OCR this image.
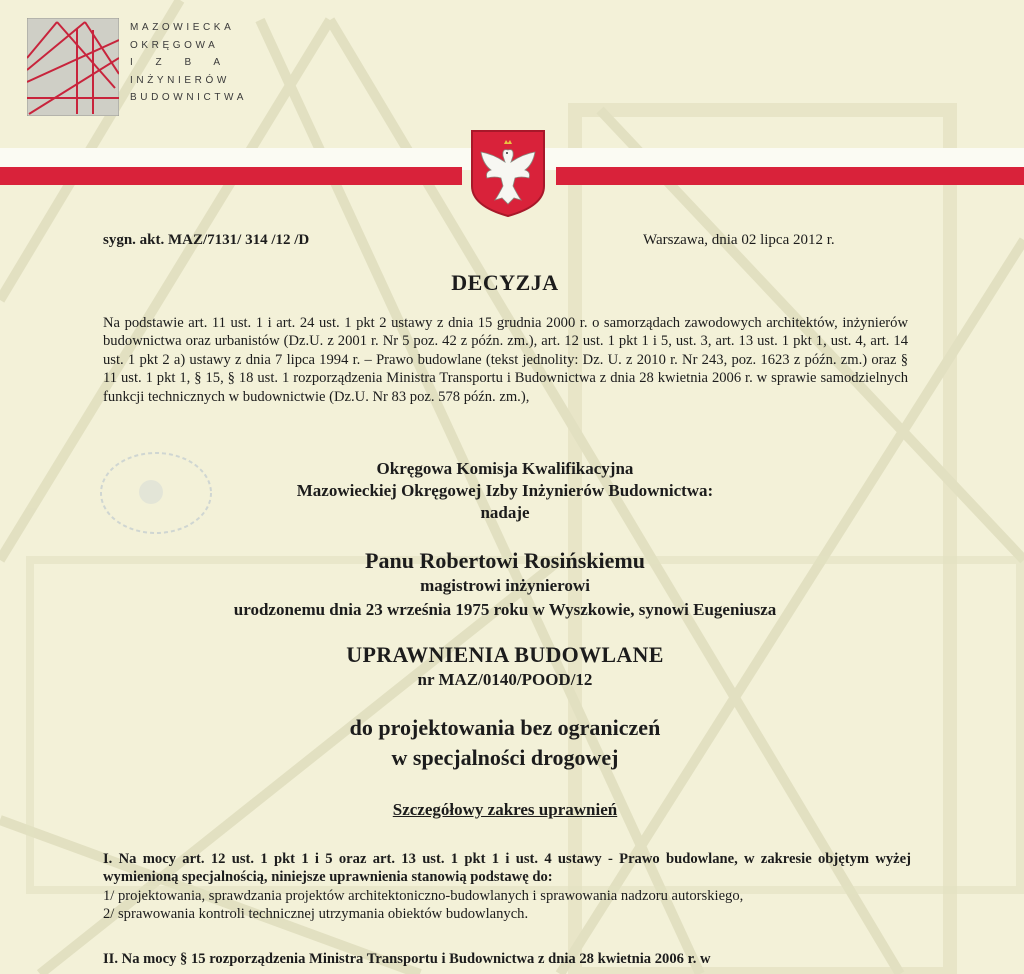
MAZOWIECKA
OKRĘGOWA
I Z B A
INŻYNIERÓW
BUDOWNICTWA
sygn. akt. MAZ/7131/ 314 /12 /D	Warszawa, dnia 02 lipca 2012 r.
DECYZJA
Na podstawie art. 11 ust. 1 i art. 24 ust. 1 pkt 2 ustawy z dnia 15 grudnia 2000 r. o samorządach zawodowych architektów, inżynierów budownictwa oraz urbanistów (Dz.U. z 2001 r. Nr 5 poz. 42 z późn. zm.), art. 12 ust. 1 pkt 1 i 5, ust. 3, art. 13 ust. 1 pkt 1, ust. 4, art. 14 ust. 1 pkt 2 a) ustawy z dnia 7 lipca 1994 r. – Prawo budowlane (tekst jednolity: Dz. U. z 2010 r. Nr 243, poz. 1623 z późn. zm.) oraz § 11 ust. 1 pkt 1, § 15, § 18 ust. 1 rozporządzenia Ministra Transportu i Budownictwa z dnia 28 kwietnia 2006 r. w sprawie samodzielnych funkcji technicznych w budownictwie (Dz.U. Nr 83 poz. 578 późn. zm.),
Okręgowa Komisja Kwalifikacyjna
Mazowieckiej Okręgowej Izby Inżynierów Budownictwa:
nadaje
Panu Robertowi Rosińskiemu
magistrowi inżynierowi
urodzonemu dnia 23 września 1975 roku w Wyszkowie, synowi Eugeniusza
UPRAWNIENIA BUDOWLANE
nr MAZ/0140/POOD/12
do projektowania bez ograniczeń
w specjalności drogowej
Szczegółowy zakres uprawnień
I. Na mocy art. 12 ust. 1 pkt 1 i 5 oraz art. 13 ust. 1 pkt 1 i ust. 4 ustawy - Prawo budowlane, w zakresie objętym wyżej wymienioną specjalnością, niniejsze uprawnienia stanowią podstawę do:
1/ projektowania, sprawdzania projektów architektoniczno-budowlanych i sprawowania nadzoru autorskiego,
2/ sprawowania kontroli technicznej utrzymania obiektów budowlanych.
II. Na mocy § 15 rozporządzenia Ministra Transportu i Budownictwa z dnia 28 kwietnia 2006 r. w
